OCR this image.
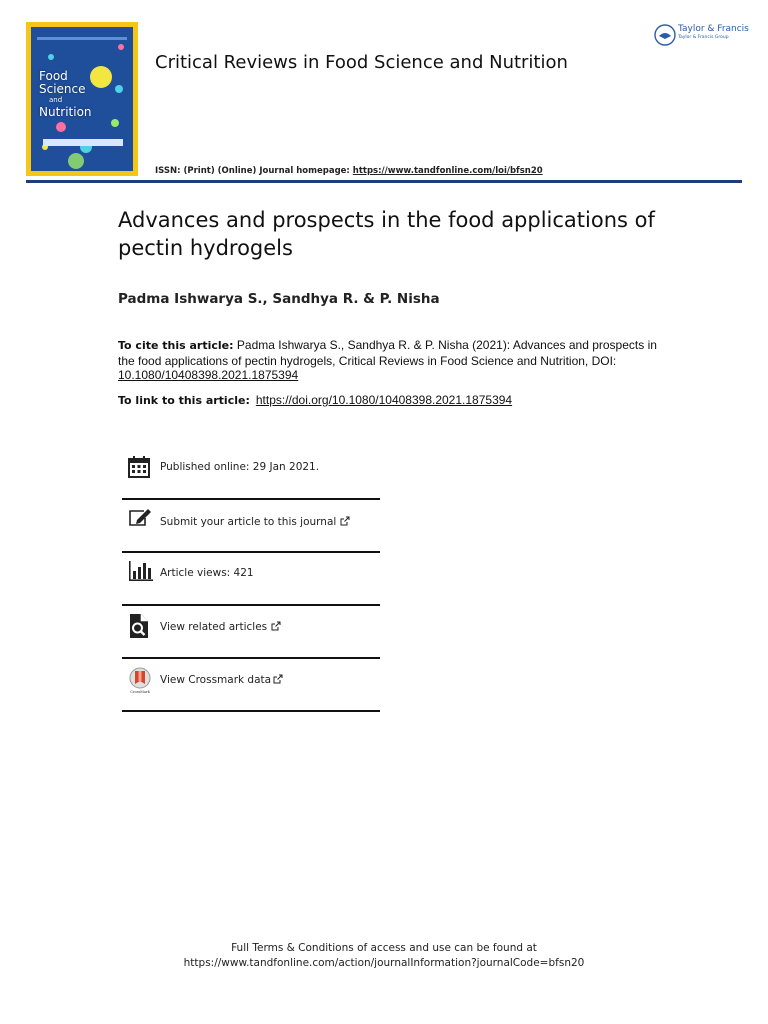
Food
Science
and
Nutrition
Critical Reviews in Food Science and Nutrition
Taylor & Francis
Taylor & Francis Group
ISSN: (Print) (Online) Journal homepage: https://www.tandfonline.com/loi/bfsn20
Advances and prospects in the food applications of pectin hydrogels
Padma Ishwarya S., Sandhya R. & P. Nisha
To cite this article: Padma Ishwarya S., Sandhya R. & P. Nisha (2021): Advances and prospects in the food applications of pectin hydrogels, Critical Reviews in Food Science and Nutrition, DOI:
10.1080/10408398.2021.1875394
To link to this article: https://doi.org/10.1080/10408398.2021.1875394
Published online: 29 Jan 2021.
Submit your article to this journal
Article views: 421
View related articles
CrossMark
View Crossmark data
Full Terms & Conditions of access and use can be found at
https://www.tandfonline.com/action/journalInformation?journalCode=bfsn20
